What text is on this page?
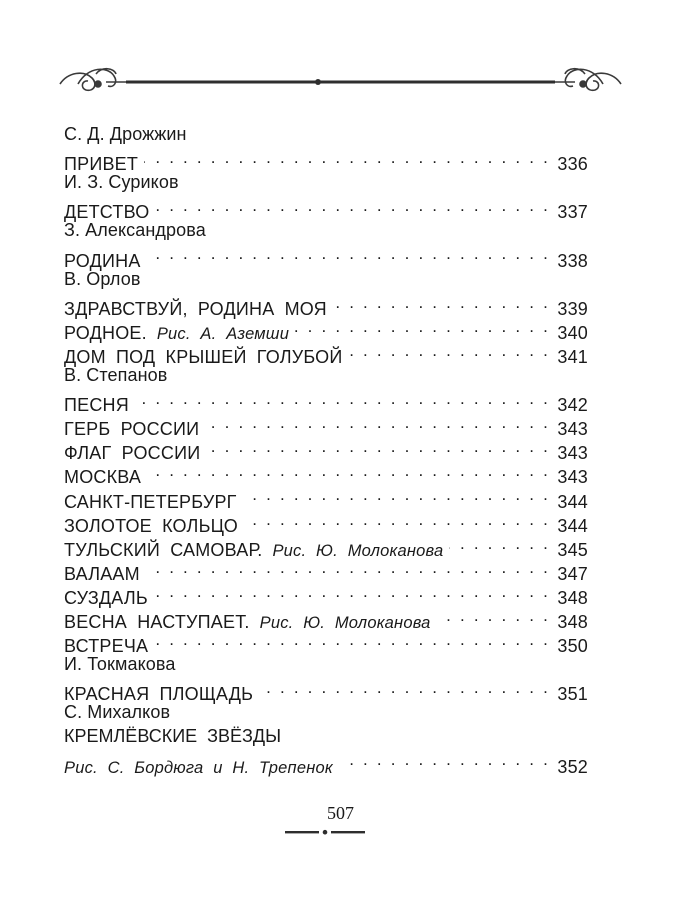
С. Д. Дрожжин
ПРИВЕТ . . .	336
И. З. Суриков
ДЕТСТВО . . .	337
З. Александрова
РОДИНА . . .	338
В. Орлов
ЗДРАВСТВУЙ, РОДИНА МОЯ . . .	339
РОДНОЕ. Рис. А. Аземши . . .	340
ДОМ ПОД КРЫШЕЙ ГОЛУБОЙ . . .	341
В. Степанов
ПЕСНЯ . . .	342
ГЕРБ РОССИИ . . .	343
ФЛАГ РОССИИ . . .	343
МОСКВА . . .	343
САНКТ-ПЕТЕРБУРГ . . .	344
ЗОЛОТОЕ КОЛЬЦО . . .	344
ТУЛЬСКИЙ САМОВАР. Рис. Ю. Молоканова . . .	345
ВАЛААМ . . .	347
СУЗДАЛЬ . . .	348
ВЕСНА НАСТУПАЕТ. Рис. Ю. Молоканова . . .	348
ВСТРЕЧА . . .	350
И. Токмакова
КРАСНАЯ ПЛОЩАДЬ . . .	351
С. Михалков
КРЕМЛЁВСКИЕ ЗВЁЗДЫ
Рис. С. Бордюга и Н. Трепенок . . .	352
507
